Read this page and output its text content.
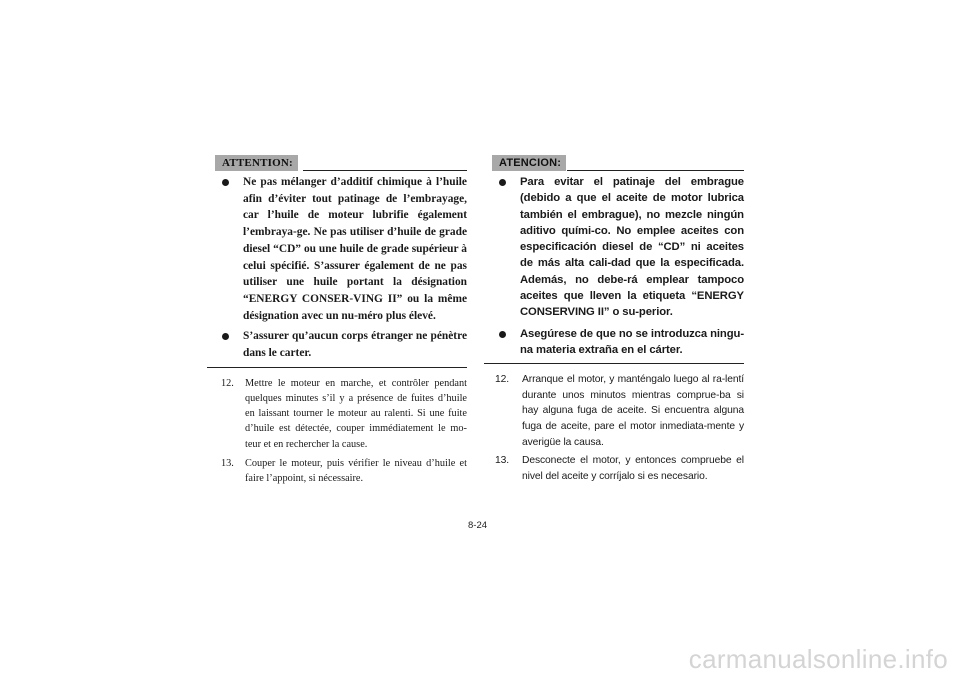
ATTENTION:
Ne pas mélanger d’additif chimique à l’huile afin d’éviter tout patinage de l’embrayage, car l’huile de moteur lubrifie également l’embraya-ge. Ne pas utiliser d’huile de grade diesel “CD” ou une huile de grade supérieur à celui spécifié. S’assurer également de ne pas utiliser une huile portant la désignation “ENERGY CONSER-VING II” ou la même désignation avec un nu-méro plus élevé.
S’assurer qu’aucun corps étranger ne pénètre dans le carter.
12. Mettre le moteur en marche, et contrôler pendant quelques minutes s’il y a présence de fuites d’huile en laissant tourner le moteur au ralenti. Si une fuite d’huile est détectée, couper immédiatement le mo-teur et en rechercher la cause.
13. Couper le moteur, puis vérifier le niveau d’huile et faire l’appoint, si nécessaire.
ATENCION:
Para evitar el patinaje del embrague (debido a que el aceite de motor lubrica también el embrague), no mezcle ningún aditivo quími-co. No emplee aceites con especificación diesel de “CD” ni aceites de más alta cali-dad que la especificada. Además, no debe-rá emplear tampoco aceites que lleven la etiqueta “ENERGY CONSERVING II” o su-perior.
Asegúrese de que no se introduzca ningu-na materia extraña en el cárter.
12. Arranque el motor, y manténgalo luego al ra-lentí durante unos minutos mientras comprue-ba si hay alguna fuga de aceite. Si encuentra alguna fuga de aceite, pare el motor inmediata-mente y averigüe la causa.
13. Desconecte el motor, y entonces compruebe el nivel del aceite y corríjalo si es necesario.
8-24
carmanualsonline.info
